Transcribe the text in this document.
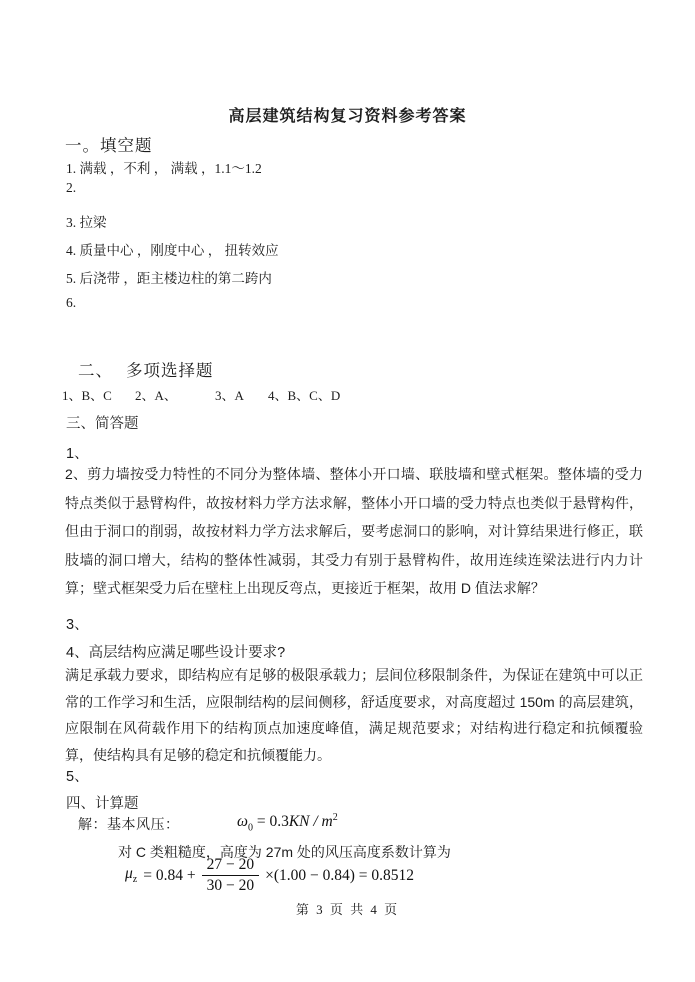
高层建筑结构复习资料参考答案
一。填空题
1. 满载 ，不利 ， 满载 ，1.1～1.2
2.
3. 拉梁
4. 质量中心 ，刚度中心 ， 扭转效应
5. 后浇带 ，距主楼边柱的第二跨内
6.
二、 多项选择题
1、B、C 2、A、	3、A 4、B、C、D
三、简答题
1、
2、剪力墙按受力特性的不同分为整体墙、整体小开口墙、联肢墙和壁式框架。整体墙的受力特点类似于悬臂构件，故按材料力学方法求解，整体小开口墙的受力特点也类似于悬臂构件，但由于洞口的削弱，故按材料力学方法求解后，要考虑洞口的影响，对计算结果进行修正，联肢墙的洞口增大，结构的整体性减弱，其受力有别于悬臂构件，故用连续连梁法进行内力计算；壁式框架受力后在壁柱上出现反弯点，更接近于框架，故用 D 值法求解？
3、
4、高层结构应满足哪些设计要求?
满足承载力要求，即结构应有足够的极限承载力；层间位移限制条件，为保证在建筑中可以正常的工作学习和生活，应限制结构的层间侧移，舒适度要求，对高度超过 150m 的高层建筑，应限制在风荷载作用下的结构顶点加速度峰值，满足规范要求；对结构进行稳定和抗倾覆验算，使结构具有足够的稳定和抗倾覆能力。
5、
四、计算题
解：基本风压：	$\omega_0 = 0.3KN / m^2$
对 C 类粗糙度，高度为 27m 处的风压高度系数计算为
$\mu_z = 0.84 + \frac{27 - 20}{30 - 20} \times(1.00 - 0.84) = 0.8512$
第 3 页 共 4 页
